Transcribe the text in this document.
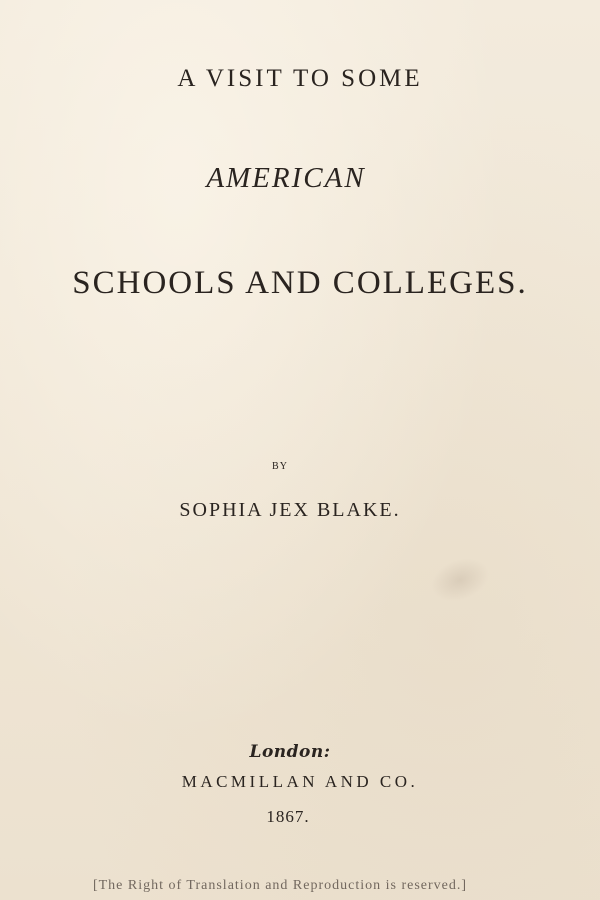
A VISIT TO SOME
AMERICAN
SCHOOLS AND COLLEGES.
BY
SOPHIA JEX BLAKE.
London:
MACMILLAN AND CO.
1867.
[The Right of Translation and Reproduction is reserved.]
